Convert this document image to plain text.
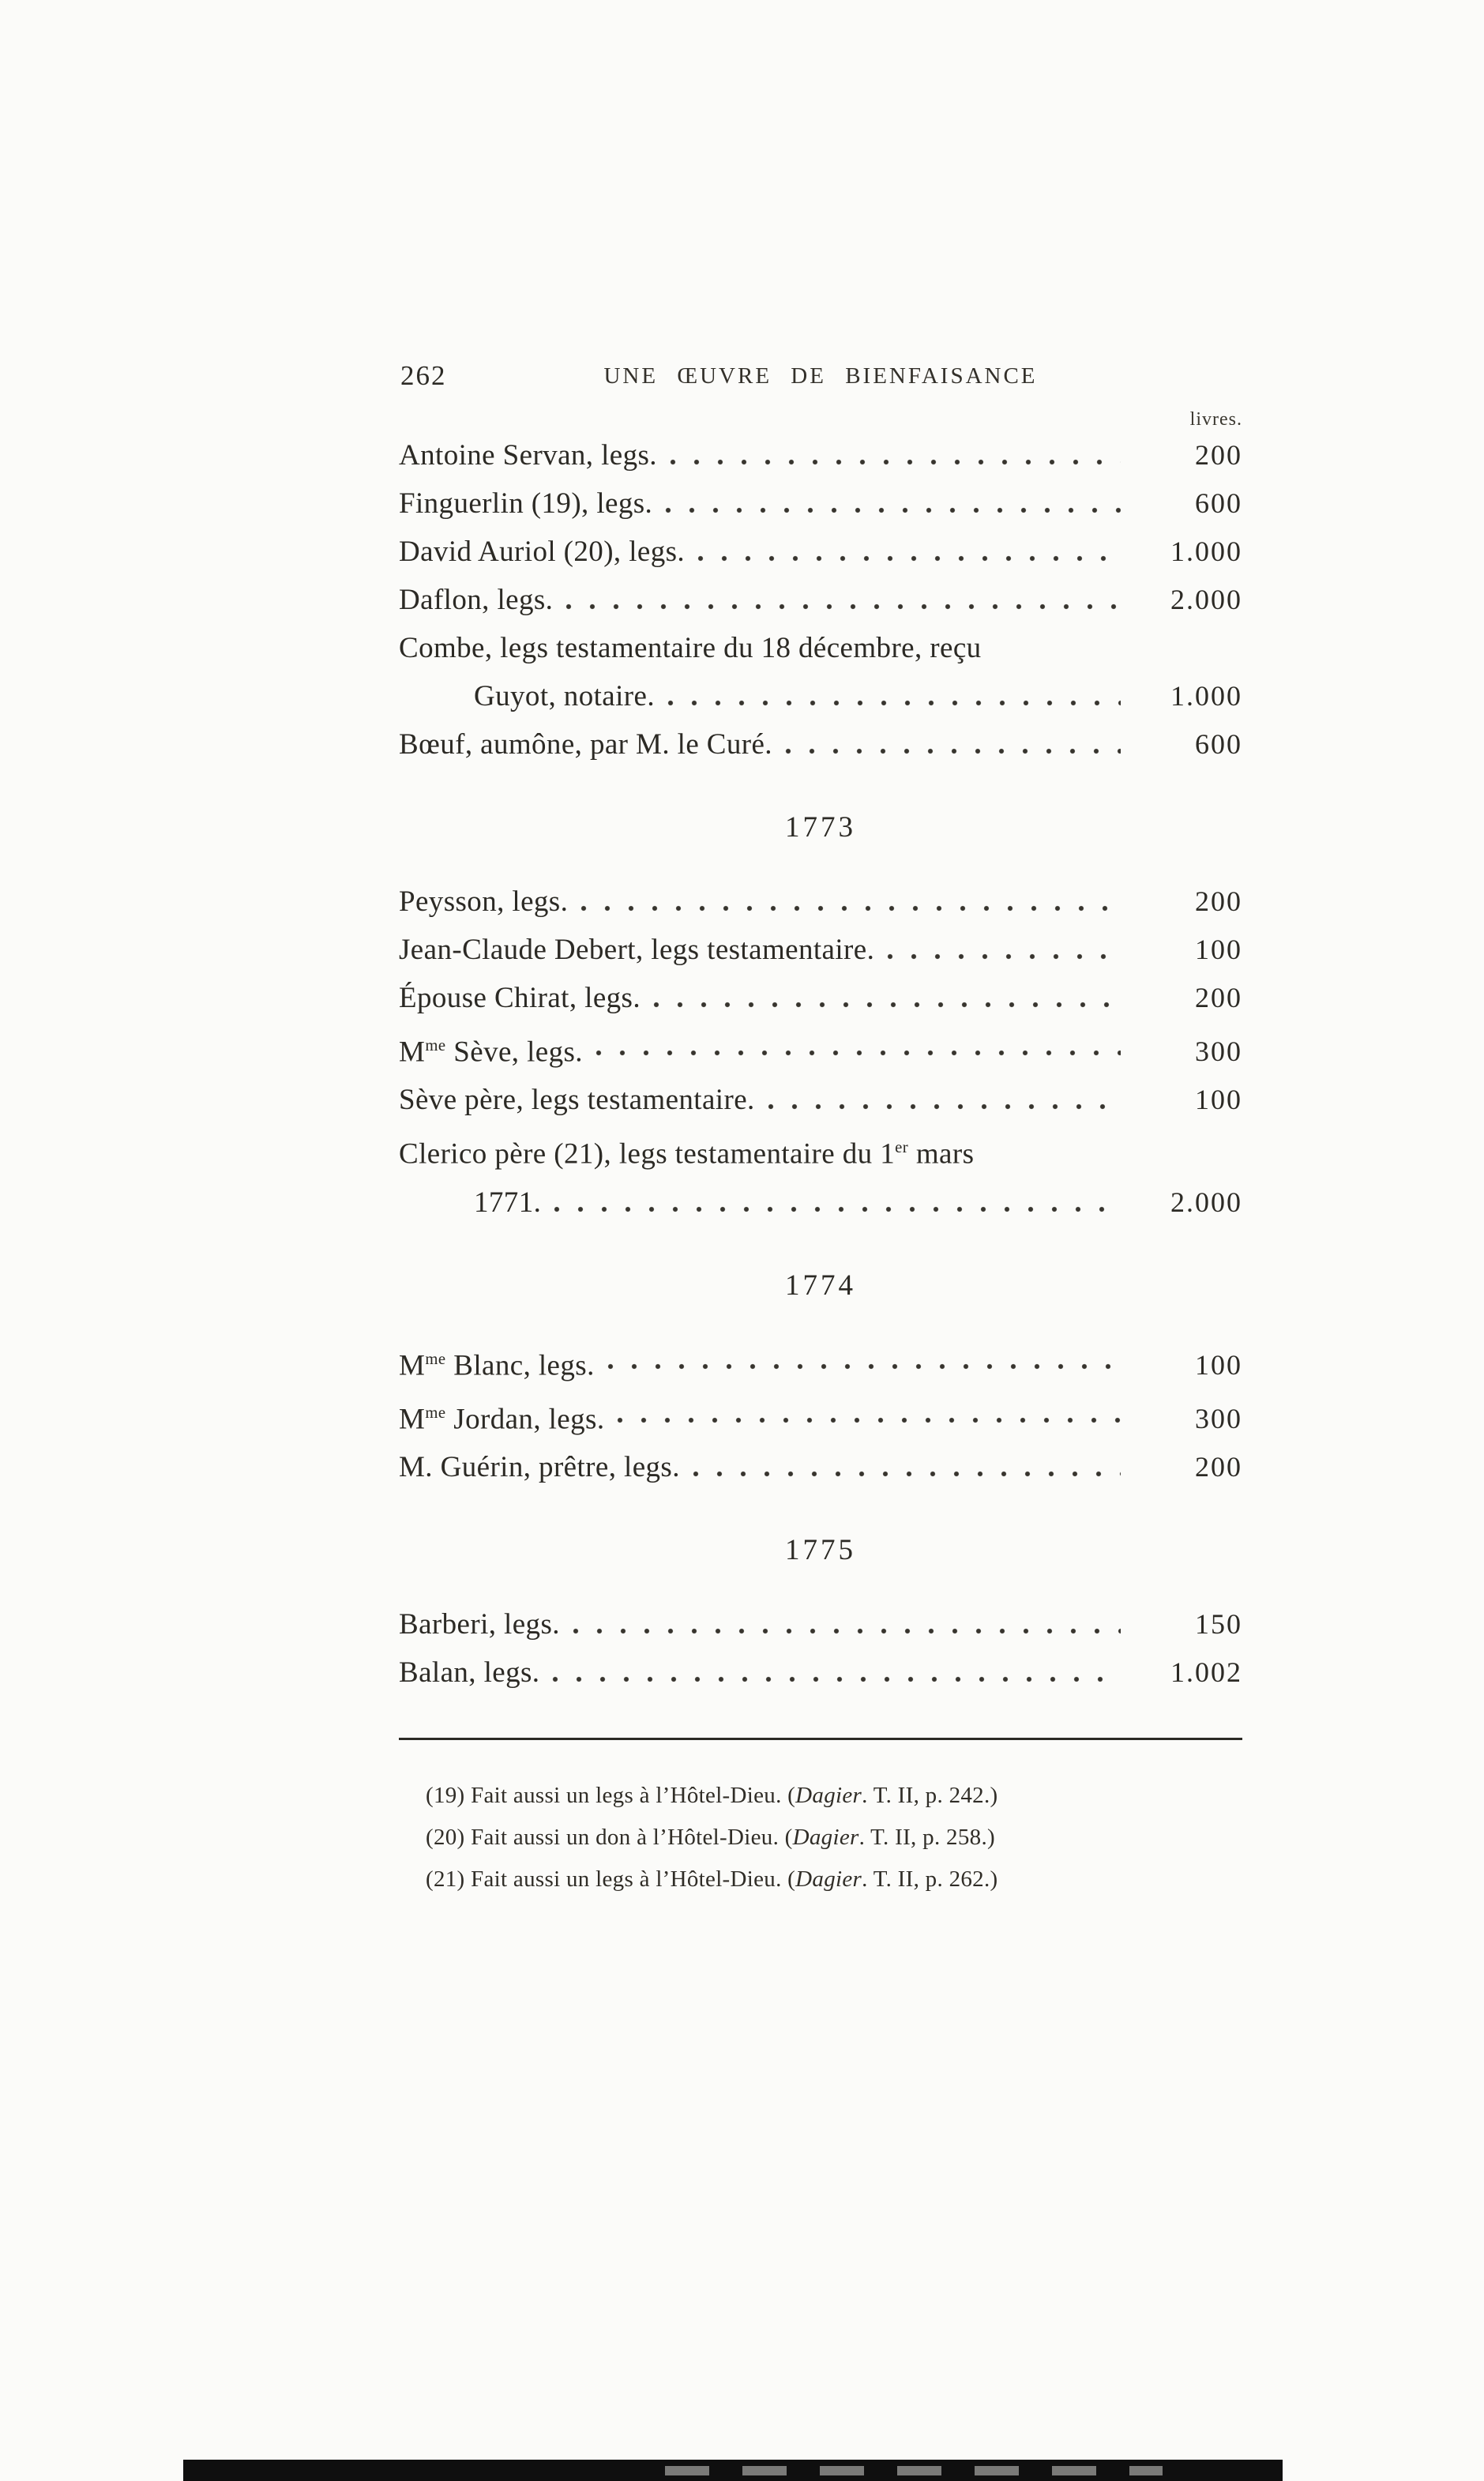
262	UNE ŒUVRE DE BIENFAISANCE
livres.
Antoine Servan, legs.	200
Finguerlin (19), legs.	600
David Auriol (20), legs.	1.000
Daflon, legs.	2.000
Combe, legs testamentaire du 18 décembre, reçu
Guyot, notaire.	1.000
Bœuf, aumône, par M. le Curé.	600
1773
Peysson, legs.	200
Jean-Claude Debert, legs testamentaire.	100
Épouse Chirat, legs.	200
$M^{me}$ Sève, legs.	300
Sève père, legs testamentaire.	100
Clerico père (21), legs testamentaire du 1er mars
1771.	2.000
1774
$M^{me}$ Blanc, legs.	100
$M^{me}$ Jordan, legs.	300
M. Guérin, prêtre, legs.	200
1775
Barberi, legs.	150
Balan, legs.	1.002
(19) Fait aussi un legs à l’Hôtel-Dieu. (Dagier. T. II, p. 242.)
(20) Fait aussi un don à l’Hôtel-Dieu. (Dagier. T. II, p. 258.)
(21) Fait aussi un legs à l’Hôtel-Dieu. (Dagier. T. II, p. 262.)
